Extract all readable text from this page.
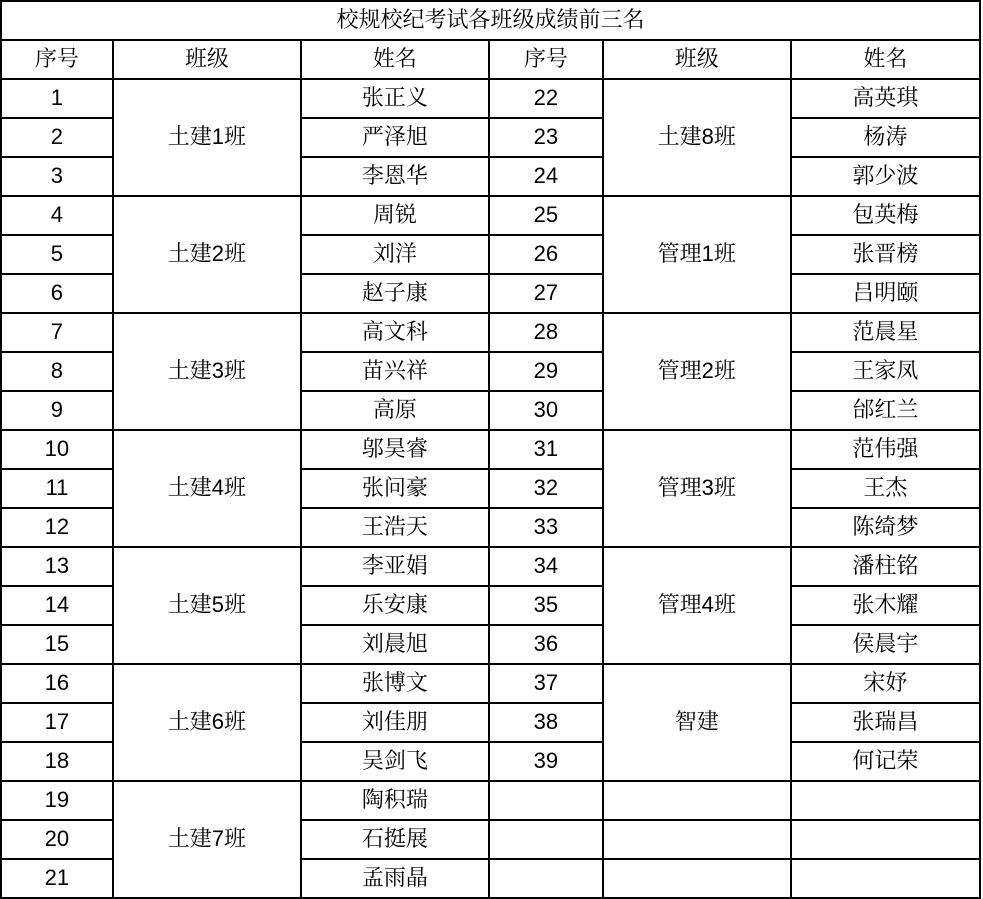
校规校纪考试各班级成绩前三名					
序号	班级	姓名	序号	班级	姓名
1	土建1班	张正义	22	土建8班	高英琪
2		严泽旭	23		杨涛
3		李恩华	24		郭少波
4	土建2班	周锐	25	管理1班	包英梅
5		刘洋	26		张晋榜
6		赵子康	27		吕明颐
7	土建3班	高文科	28	管理2班	范晨星
8		苗兴祥	29		王家凤
9		高原	30		邰红兰
10	土建4班	邬昊睿	31	管理3班	范伟强
11		张问豪	32		王杰
12		王浩天	33		陈绮梦
13	土建5班	李亚娟	34	管理4班	潘柱铭
14		乐安康	35		张木耀
15		刘晨旭	36		侯晨宇
16	土建6班	张博文	37	智建	宋妤
17		刘佳朋	38		张瑞昌
18		吴剑飞	39		何记荣
19	土建7班	陶积瑞			
20		石挺展			
21		孟雨晶			
